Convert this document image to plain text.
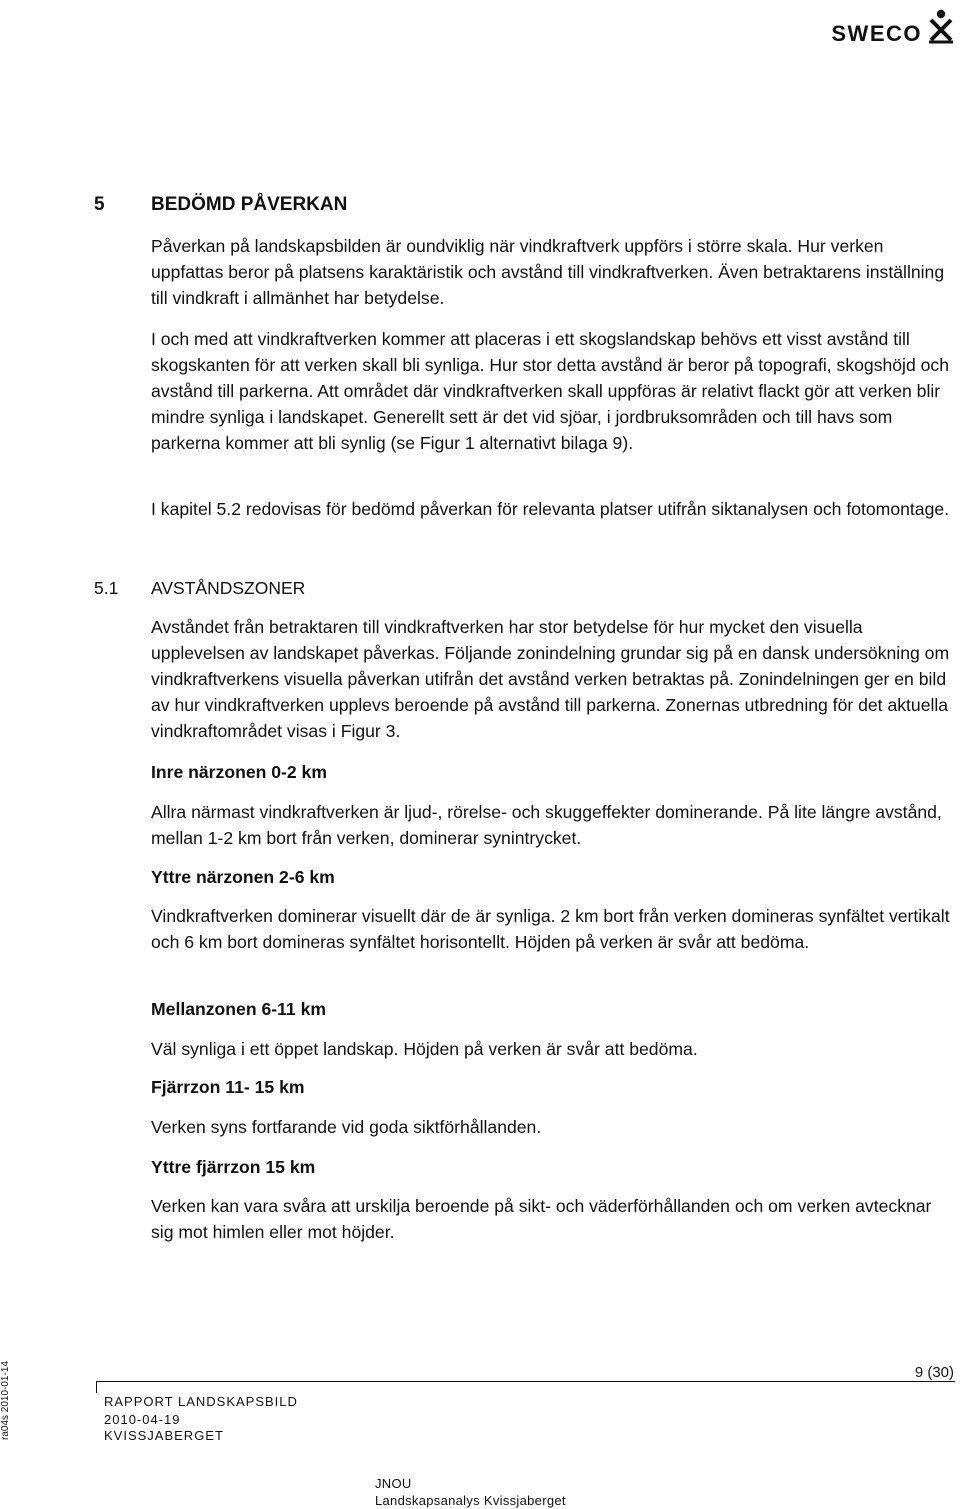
SWECO
5 BEDÖMD PÅVERKAN

Påverkan på landskapsbilden är oundviklig när vindkraftverk uppförs i större skala. Hur verken uppfattas beror på platsens karaktäristik och avstånd till vindkraftverken. Även betraktarens inställning till vindkraft i allmänhet har betydelse.

I och med att vindkraftverken kommer att placeras i ett skogslandskap behövs ett visst avstånd till skogskanten för att verken skall bli synliga. Hur stor detta avstånd är beror på topografi, skogshöjd och avstånd till parkerna. Att området där vindkraftverken skall uppföras är relativt flackt gör att verken blir mindre synliga i landskapet. Generellt sett är det vid sjöar, i jordbruksområden och till havs som parkerna kommer att bli synlig (se Figur 1 alternativt bilaga 9).

I kapitel 5.2 redovisas för bedömd påverkan för relevanta platser utifrån siktanalysen och fotomontage.

5.1 AVSTÅNDSZONER

Avståndet från betraktaren till vindkraftverken har stor betydelse för hur mycket den visuella upplevelsen av landskapet påverkas. Följande zonindelning grundar sig på en dansk undersökning om vindkraftverkens visuella påverkan utifrån det avstånd verken betraktas på. Zonindelningen ger en bild av hur vindkraftverken upplevs beroende på avstånd till parkerna. Zonernas utbredning för det aktuella vindkraftområdet visas i Figur 3.

Inre närzonen 0-2 km

Allra närmast vindkraftverken är ljud-, rörelse- och skuggeffekter dominerande. På lite längre avstånd, mellan 1-2 km bort från verken, dominerar synintrycket.

Yttre närzonen 2-6 km

Vindkraftverken dominerar visuellt där de är synliga. 2 km bort från verken domineras synfältet vertikalt och 6 km bort domineras synfältet horisontellt. Höjden på verken är svår att bedöma.

Mellanzonen 6-11 km

Väl synliga i ett öppet landskap. Höjden på verken är svår att bedöma.

Fjärrzon 11- 15 km

Verken syns fortfarande vid goda siktförhållanden.

Yttre fjärrzon 15 km

Verken kan vara svåra att urskilja beroende på sikt- och väderförhållanden och om verken avtecknar sig mot himlen eller mot höjder.

ra04s 2010-01-14	9 (30)
RAPPORT LANDSKAPSBILD
2010-04-19
KVISSJABERGET
JNOU
Landskapsanalys Kvissjaberget
